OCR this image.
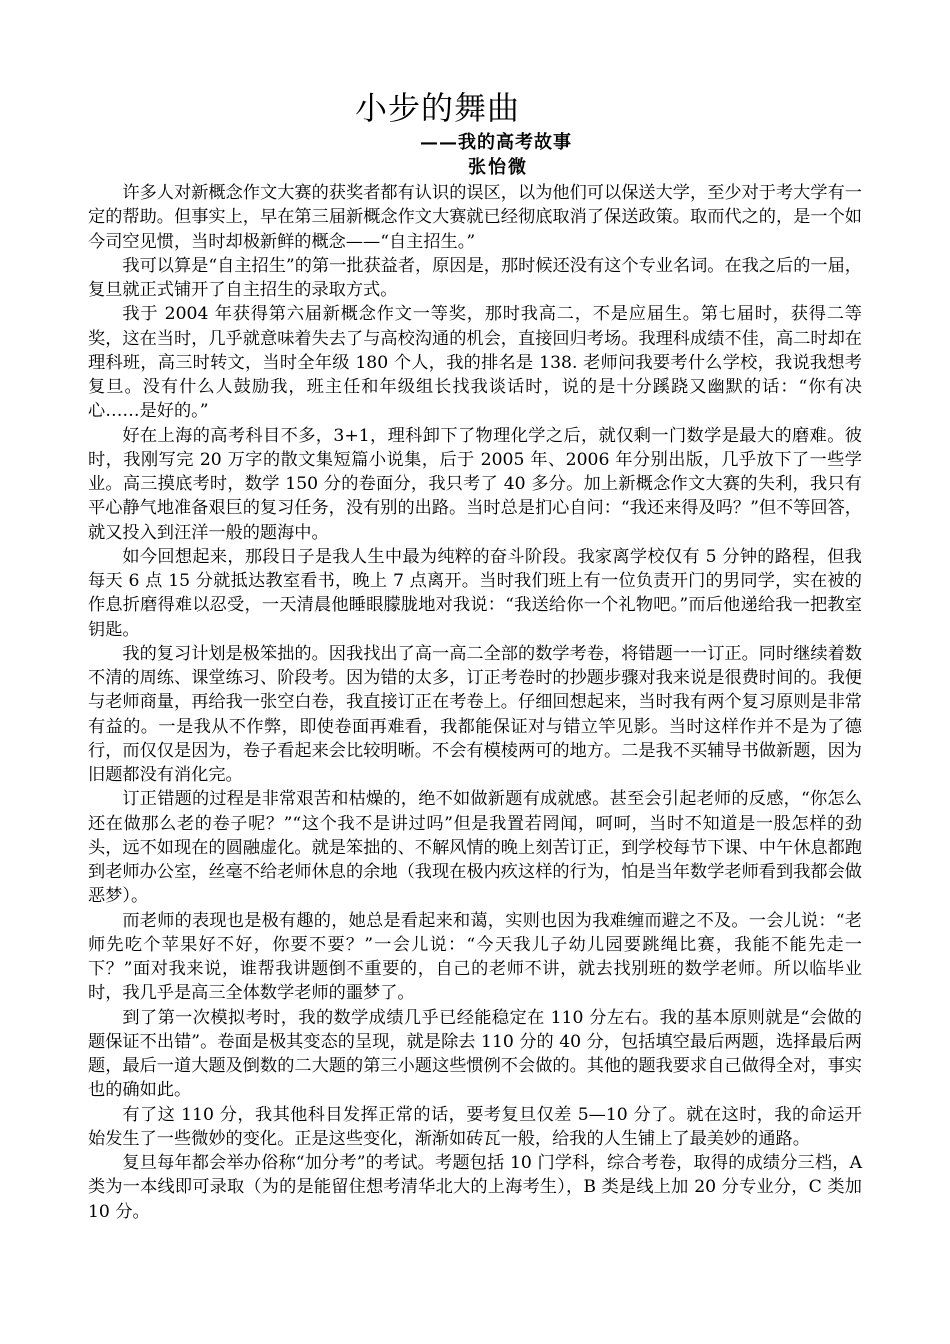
小步的舞曲
——我的高考故事
张怡微

许多人对新概念作文大赛的获奖者都有认识的误区，以为他们可以保送大学，至少对于考大学有一定的帮助。但事实上，早在第三届新概念作文大赛就已经彻底取消了保送政策。取而代之的，是一个如今司空见惯，当时却极新鲜的概念——“自主招生。”

我可以算是“自主招生”的第一批获益者，原因是，那时候还没有这个专业名词。在我之后的一届，复旦就正式铺开了自主招生的录取方式。

我于 2004 年获得第六届新概念作文一等奖，那时我高二，不是应届生。第七届时，获得二等奖，这在当时，几乎就意味着失去了与高校沟通的机会，直接回归考场。我理科成绩不佳，高二时却在理科班，高三时转文，当时全年级 180 个人，我的排名是 138. 老师问我要考什么学校，我说我想考复旦。没有什么人鼓励我，班主任和年级组长找我谈话时，说的是十分蹊跷又幽默的话：“你有决心……是好的。”

好在上海的高考科目不多，3+1，理科卸下了物理化学之后，就仅剩一门数学是最大的磨难。彼时，我刚写完 20 万字的散文集短篇小说集，后于 2005 年、2006 年分别出版，几乎放下了一些学业。高三摸底考时，数学 150 分的卷面分，我只考了 40 多分。加上新概念作文大赛的失利，我只有平心静气地准备艰巨的复习任务，没有别的出路。当时总是扪心自问：“我还来得及吗？”但不等回答，就又投入到汪洋一般的题海中。

如今回想起来，那段日子是我人生中最为纯粹的奋斗阶段。我家离学校仅有 5 分钟的路程，但我每天 6 点 15 分就抵达教室看书，晚上 7 点离开。当时我们班上有一位负责开门的男同学，实在被的作息折磨得难以忍受，一天清晨他睡眼朦胧地对我说：“我送给你一个礼物吧。”而后他递给我一把教室钥匙。

我的复习计划是极笨拙的。因我找出了高一高二全部的数学考卷，将错题一一订正。同时继续着数不清的周练、课堂练习、阶段考。因为错的太多，订正考卷时的抄题步骤对我来说是很费时间的。我便与老师商量，再给我一张空白卷，我直接订正在考卷上。仔细回想起来，当时我有两个复习原则是非常有益的。一是我从不作弊，即使卷面再难看，我都能保证对与错立竿见影。当时这样作并不是为了德行，而仅仅是因为，卷子看起来会比较明晰。不会有模棱两可的地方。二是我不买辅导书做新题，因为旧题都没有消化完。

订正错题的过程是非常艰苦和枯燥的，绝不如做新题有成就感。甚至会引起老师的反感，“你怎么还在做那么老的卷子呢？”“这个我不是讲过吗”但是我置若罔闻，呵呵，当时不知道是一股怎样的劲头，远不如现在的圆融虚化。就是笨拙的、不解风情的晚上刻苦订正，到学校每节下课、中午休息都跑到老师办公室，丝毫不给老师休息的余地（我现在极内疚这样的行为，怕是当年数学老师看到我都会做恶梦）。

而老师的表现也是极有趣的，她总是看起来和蔼，实则也因为我难缠而避之不及。一会儿说：“老师先吃个苹果好不好，你要不要？”一会儿说：“今天我儿子幼儿园要跳绳比赛，我能不能先走一下？”面对我来说，谁帮我讲题倒不重要的，自己的老师不讲，就去找别班的数学老师。所以临毕业时，我几乎是高三全体数学老师的噩梦了。

到了第一次模拟考时，我的数学成绩几乎已经能稳定在 110 分左右。我的基本原则就是“会做的题保证不出错”。卷面是极其变态的呈现，就是除去 110 分的 40 分，包括填空最后两题，选择最后两题，最后一道大题及倒数的二大题的第三小题这些惯例不会做的。其他的题我要求自己做得全对，事实也的确如此。

有了这 110 分，我其他科目发挥正常的话，要考复旦仅差 5—10 分了。就在这时，我的命运开始发生了一些微妙的变化。正是这些变化，渐渐如砖瓦一般，给我的人生铺上了最美妙的通路。

复旦每年都会举办俗称“加分考”的考试。考题包括 10 门学科，综合考卷，取得的成绩分三档，A 类为一本线即可录取（为的是能留住想考清华北大的上海考生），B 类是线上加 20 分专业分，C 类加 10 分。
